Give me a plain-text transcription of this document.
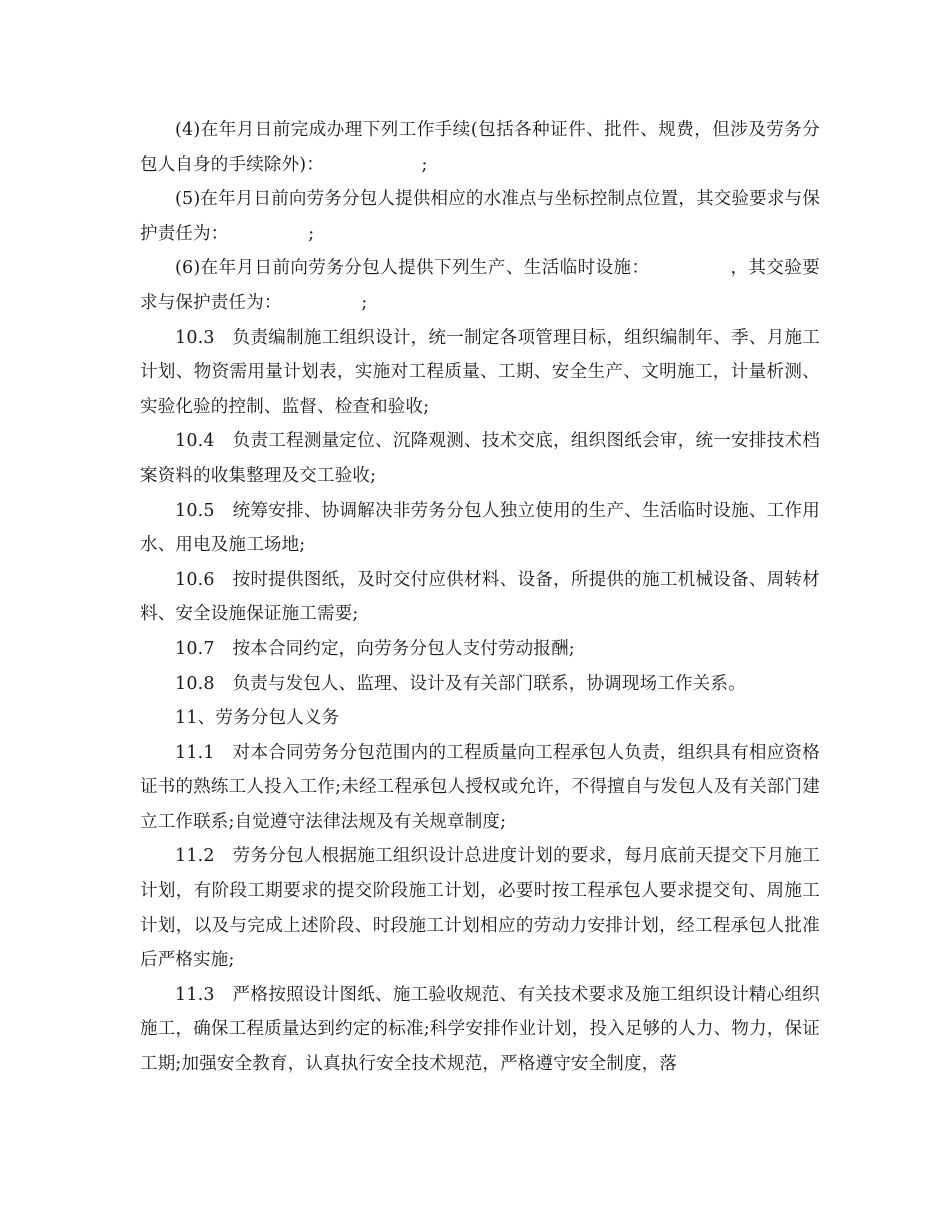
(4)在年月日前完成办理下列工作手续(包括各种证件、批件、规费，但涉及劳务分包人自身的手续除外)：　　　　　　;

(5)在年月日前向劳务分包人提供相应的水准点与坐标控制点位置，其交验要求与保护责任为：　　　　　;

(6)在年月日前向劳务分包人提供下列生产、生活临时设施：　　　　　，其交验要求与保护责任为：　　　　　;

10.3　负责编制施工组织设计，统一制定各项管理目标，组织编制年、季、月施工计划、物资需用量计划表，实施对工程质量、工期、安全生产、文明施工，计量析测、实验化验的控制、监督、检查和验收;

10.4　负责工程测量定位、沉降观测、技术交底，组织图纸会审，统一安排技术档案资料的收集整理及交工验收;

10.5　统筹安排、协调解决非劳务分包人独立使用的生产、生活临时设施、工作用水、用电及施工场地;

10.6　按时提供图纸，及时交付应供材料、设备，所提供的施工机械设备、周转材料、安全设施保证施工需要;

10.7　按本合同约定，向劳务分包人支付劳动报酬;

10.8　负责与发包人、监理、设计及有关部门联系，协调现场工作关系。

11、劳务分包人义务

11.1　对本合同劳务分包范围内的工程质量向工程承包人负责，组织具有相应资格证书的熟练工人投入工作;未经工程承包人授权或允许，不得擅自与发包人及有关部门建立工作联系;自觉遵守法律法规及有关规章制度;

11.2　劳务分包人根据施工组织设计总进度计划的要求，每月底前天提交下月施工计划，有阶段工期要求的提交阶段施工计划，必要时按工程承包人要求提交旬、周施工计划，以及与完成上述阶段、时段施工计划相应的劳动力安排计划，经工程承包人批准后严格实施;

11.3　严格按照设计图纸、施工验收规范、有关技术要求及施工组织设计精心组织施工，确保工程质量达到约定的标准;科学安排作业计划，投入足够的人力、物力，保证工期;加强安全教育，认真执行安全技术规范，严格遵守安全制度，落
